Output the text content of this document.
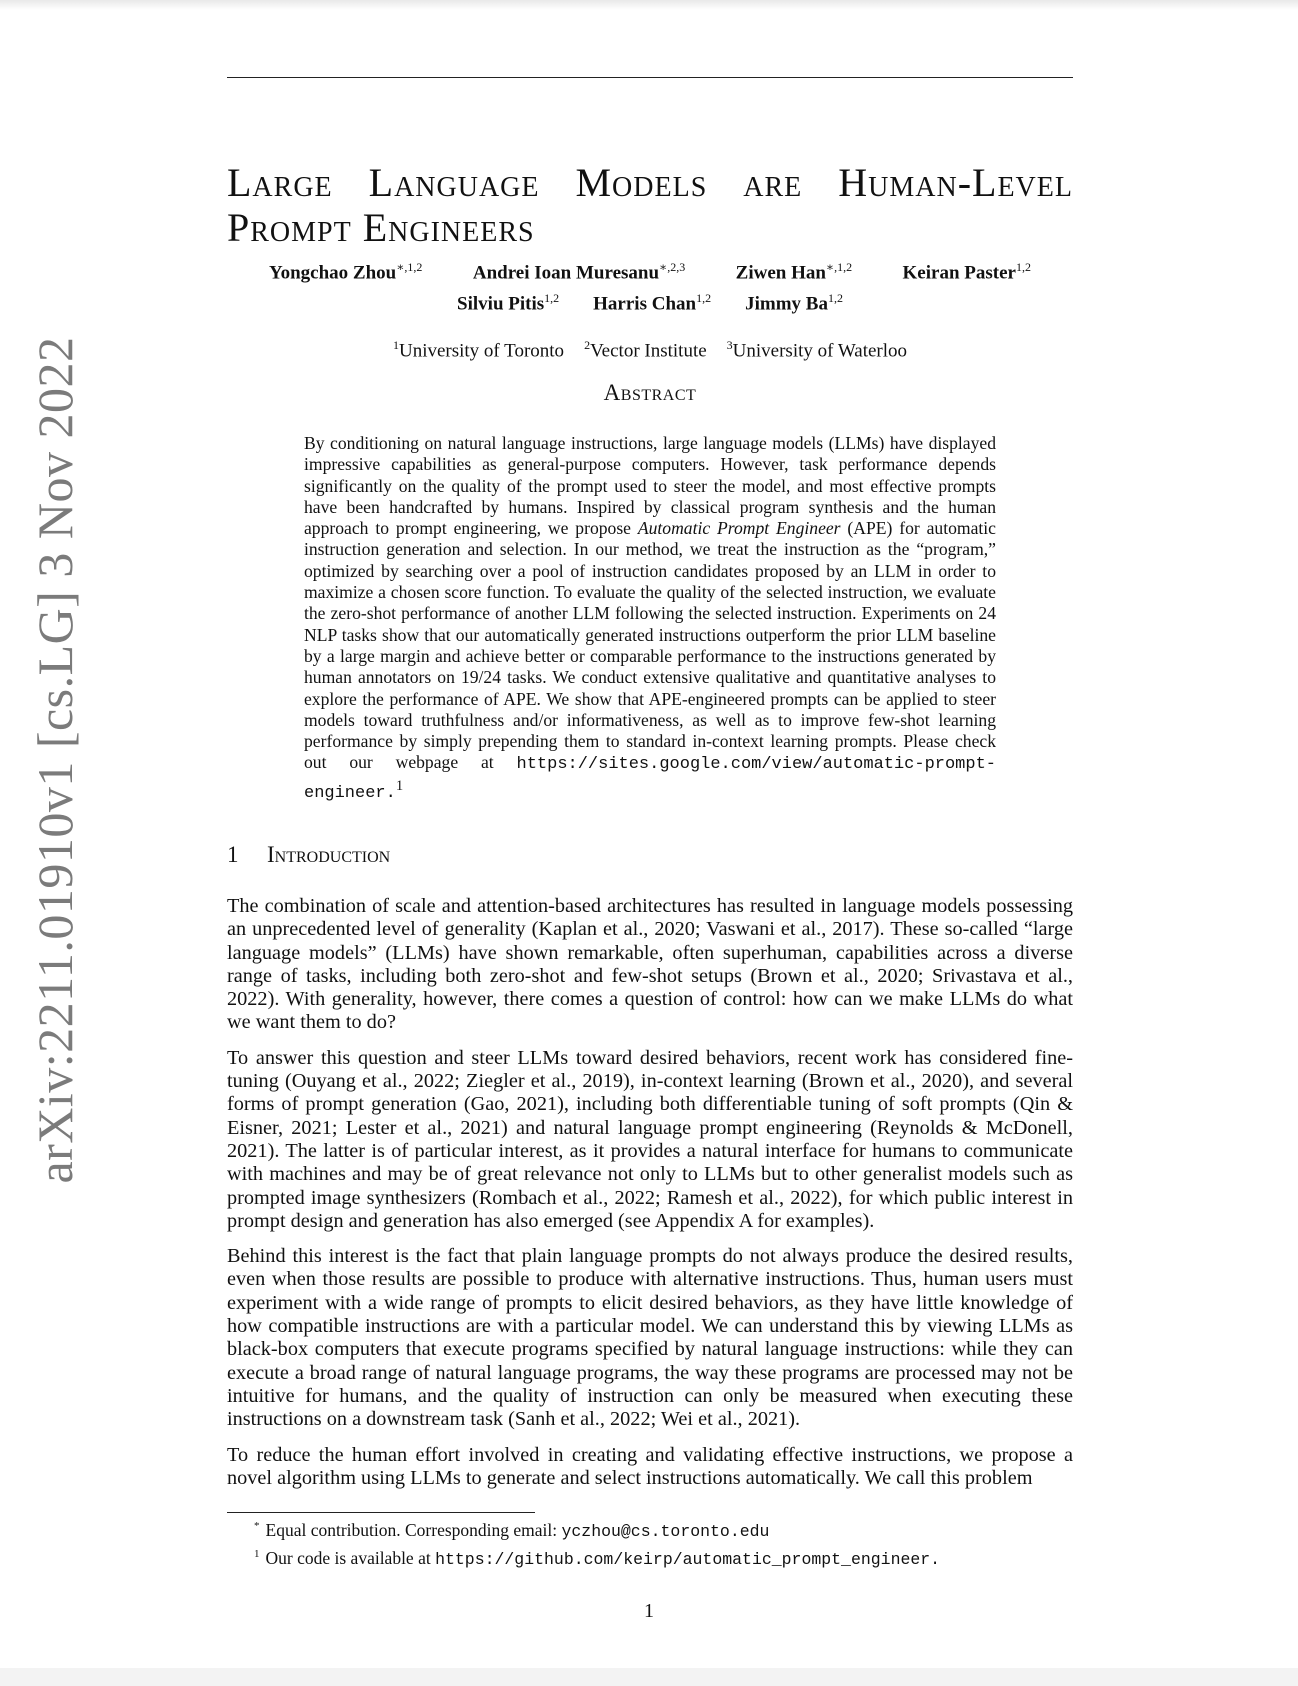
arXiv:2211.01910v1 [cs.LG] 3 Nov 2022
Large Language Models are Human-Level Prompt Engineers
Yongchao Zhou$^{∗,1,2}$	Andrei Ioan Muresanu$^{∗,2,3}$	Ziwen Han$^{∗,1,2}$	Keiran Paster$^{1,2}$
Silviu Pitis$^{1,2}$ Harris Chan$^{1,2}$ Jimmy Ba$^{1,2}$
$^1$University of Toronto $^2$Vector Institute $^3$University of Waterloo
Abstract

By conditioning on natural language instructions, large language models (LLMs) have displayed impressive capabilities as general-purpose computers. However, task performance depends significantly on the quality of the prompt used to steer the model, and most effective prompts have been handcrafted by humans. Inspired by classical program synthesis and the human approach to prompt engineering, we propose Automatic Prompt Engineer (APE) for automatic instruction generation and selection. In our method, we treat the instruction as the “program,” optimized by searching over a pool of instruction candidates proposed by an LLM in order to maximize a chosen score function. To evaluate the quality of the selected instruction, we evaluate the zero-shot performance of another LLM following the selected instruction. Experiments on 24 NLP tasks show that our automatically generated instructions outperform the prior LLM baseline by a large margin and achieve better or comparable performance to the instructions generated by human annotators on 19/24 tasks. We conduct extensive qualitative and quantitative analyses to explore the performance of APE. We show that APE-engineered prompts can be applied to steer models toward truthfulness and/or informativeness, as well as to improve few-shot learning performance by simply prepending them to standard in-context learning prompts. Please check out our webpage at https://sites.google.com/view/automatic-prompt-engineer.$^1$

1 Introduction

The combination of scale and attention-based architectures has resulted in language models possessing an unprecedented level of generality (Kaplan et al., 2020; Vaswani et al., 2017). These so-called “large language models” (LLMs) have shown remarkable, often superhuman, capabilities across a diverse range of tasks, including both zero-shot and few-shot setups (Brown et al., 2020; Srivastava et al., 2022). With generality, however, there comes a question of control: how can we make LLMs do what we want them to do?

To answer this question and steer LLMs toward desired behaviors, recent work has considered fine-tuning (Ouyang et al., 2022; Ziegler et al., 2019), in-context learning (Brown et al., 2020), and several forms of prompt generation (Gao, 2021), including both differentiable tuning of soft prompts (Qin & Eisner, 2021; Lester et al., 2021) and natural language prompt engineering (Reynolds & McDonell, 2021). The latter is of particular interest, as it provides a natural interface for humans to communicate with machines and may be of great relevance not only to LLMs but to other generalist models such as prompted image synthesizers (Rombach et al., 2022; Ramesh et al., 2022), for which public interest in prompt design and generation has also emerged (see Appendix A for examples).

Behind this interest is the fact that plain language prompts do not always produce the desired results, even when those results are possible to produce with alternative instructions. Thus, human users must experiment with a wide range of prompts to elicit desired behaviors, as they have little knowledge of how compatible instructions are with a particular model. We can understand this by viewing LLMs as black-box computers that execute programs specified by natural language instructions: while they can execute a broad range of natural language programs, the way these programs are processed may not be intuitive for humans, and the quality of instruction can only be measured when executing these instructions on a downstream task (Sanh et al., 2022; Wei et al., 2021).

To reduce the human effort involved in creating and validating effective instructions, we propose a novel algorithm using LLMs to generate and select instructions automatically. We call this problem

* Equal contribution. Corresponding email: yczhou@cs.toronto.edu
$^1$ Our code is available at https://github.com/keirp/automatic_prompt_engineer.
1
